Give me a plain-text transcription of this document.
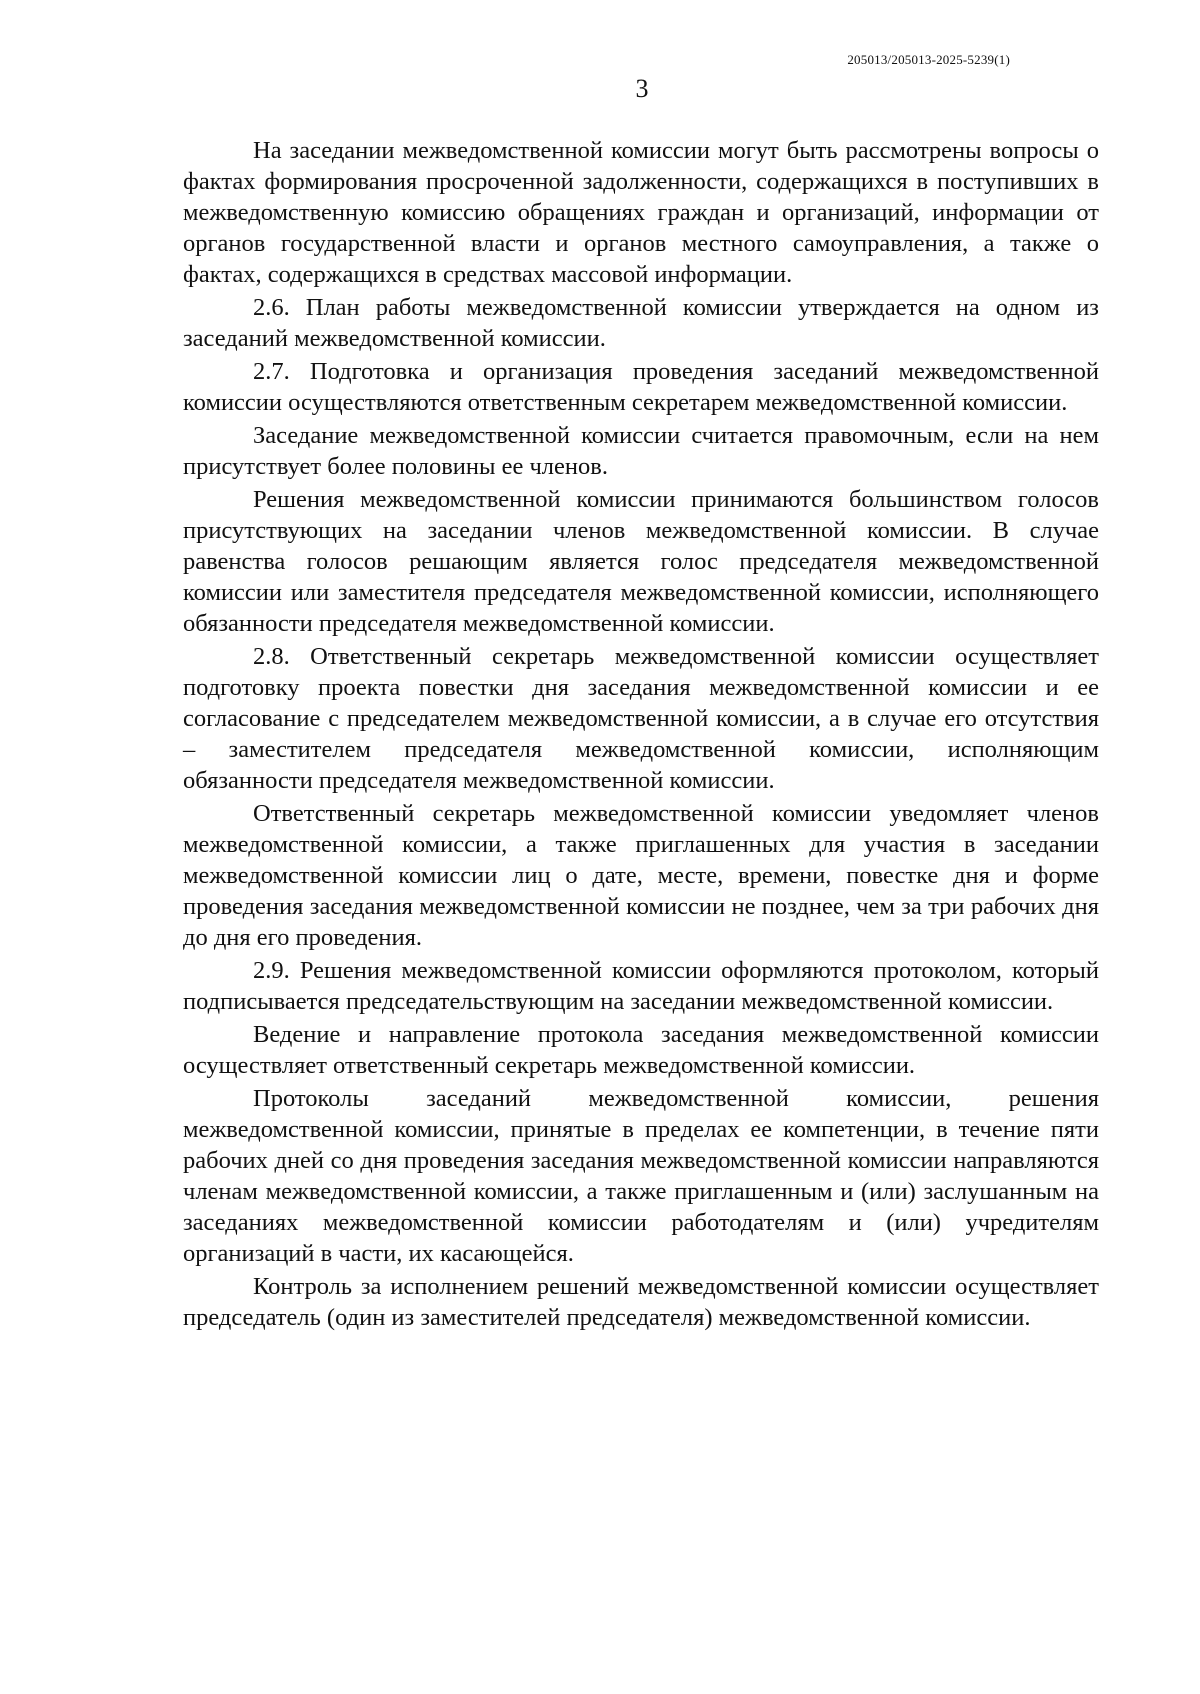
205013/205013-2025-5239(1)
3

На заседании межведомственной комиссии могут быть рассмотрены вопросы о фактах формирования просроченной задолженности, содержащихся в поступивших в межведомственную комиссию обращениях граждан и организаций, информации от органов государственной власти и органов местного самоуправления, а также о фактах, содержащихся в средствах массовой информации.

2.6. План работы межведомственной комиссии утверждается на одном из заседаний межведомственной комиссии.

2.7. Подготовка и организация проведения заседаний межведомственной комиссии осуществляются ответственным секретарем межведомственной комиссии.

Заседание межведомственной комиссии считается правомочным, если на нем присутствует более половины ее членов.

Решения межведомственной комиссии принимаются большинством голосов присутствующих на заседании членов межведомственной комиссии. В случае равенства голосов решающим является голос председателя межведомственной комиссии или заместителя председателя межведомственной комиссии, исполняющего обязанности председателя межведомственной комиссии.

2.8. Ответственный секретарь межведомственной комиссии осуществляет подготовку проекта повестки дня заседания межведомственной комиссии и ее согласование с председателем межведомственной комиссии, а в случае его отсутствия – заместителем председателя межведомственной комиссии, исполняющим обязанности председателя межведомственной комиссии.

Ответственный секретарь межведомственной комиссии уведомляет членов межведомственной комиссии, а также приглашенных для участия в заседании межведомственной комиссии лиц о дате, месте, времени, повестке дня и форме проведения заседания межведомственной комиссии не позднее, чем за три рабочих дня до дня его проведения.

2.9. Решения межведомственной комиссии оформляются протоколом, который подписывается председательствующим на заседании межведомственной комиссии.

Ведение и направление протокола заседания межведомственной комиссии осуществляет ответственный секретарь межведомственной комиссии.

Протоколы заседаний межведомственной комиссии, решения межведомственной комиссии, принятые в пределах ее компетенции, в течение пяти рабочих дней со дня проведения заседания межведомственной комиссии направляются членам межведомственной комиссии, а также приглашенным и (или) заслушанным на заседаниях межведомственной комиссии работодателям и (или) учредителям организаций в части, их касающейся.

Контроль за исполнением решений межведомственной комиссии осуществляет председатель (один из заместителей председателя) межведомственной комиссии.
